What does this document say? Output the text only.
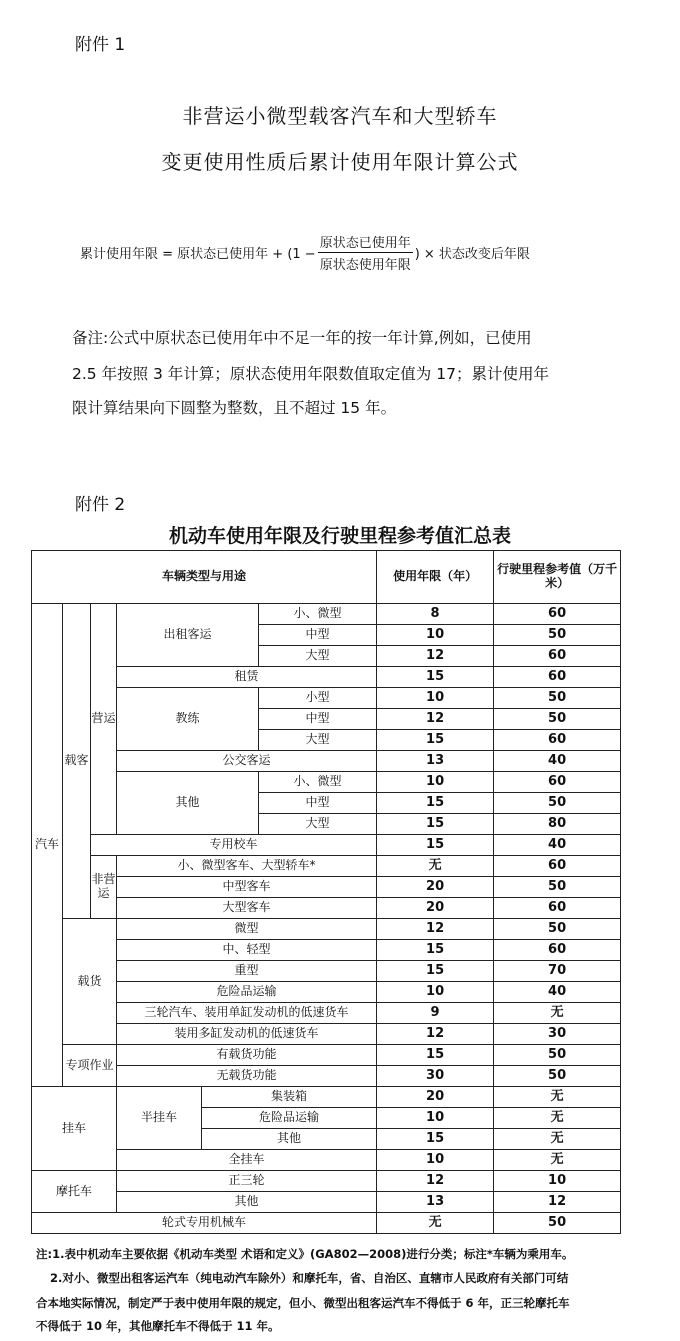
附件 1
非营运小微型载客汽车和大型轿车
变更使用性质后累计使用年限计算公式
累计使用年限 = 原状态已使用年 + ($1 - \frac{\text{原状态已使用年}}{\text{原状态使用年限}}$ ) × 状态改变后年限
备注:公式中原状态已使用年中不足一年的按一年计算,例如，已使用
2.5 年按照 3 年计算；原状态使用年限数值取定值为 17；累计使用年
限计算结果向下圆整为整数，且不超过 15 年。
附件 2
机动车使用年限及行驶里程参考值汇总表
车辆类型与用途						使用年限（年）	行驶里程参考值（万千米）
汽车	载客	营运	出租客运		小、微型	8	60
					中型	10	50
					大型	12	60
			租赁			15	60
			教练		小型	10	50
					中型	12	50
					大型	15	60
			公交客运			13	40
			其他		小、微型	10	60
					中型	15	50
					大型	15	80
		专用校车				15	40
		非营运	小、微型客车、大型轿车*			无	60
			中型客车			20	50
			大型客车			20	60
	载货		微型			12	50
			中、轻型			15	60
			重型			15	70
			危险品运输			10	40
			三轮汽车、装用单缸发动机的低速货车			9	无
			装用多缸发动机的低速货车			12	30
	专项作业		有载货功能			15	50
			无载货功能			30	50
挂车			半挂车	集装箱		20	无
				危险品运输		10	无
				其他		15	无
			全挂车			10	无
摩托车			正三轮			12	10
			其他			13	12
轮式专用机械车						无	50
注:1.表中机动车主要依据《机动车类型 术语和定义》(GA802—2008)进行分类；标注*车辆为乘用车。
2.对小、微型出租客运汽车（纯电动汽车除外）和摩托车，省、自治区、直辖市人民政府有关部门可结
合本地实际情况，制定严于表中使用年限的规定，但小、微型出租客运汽车不得低于 6 年，正三轮摩托车
不得低于 10 年，其他摩托车不得低于 11 年。
